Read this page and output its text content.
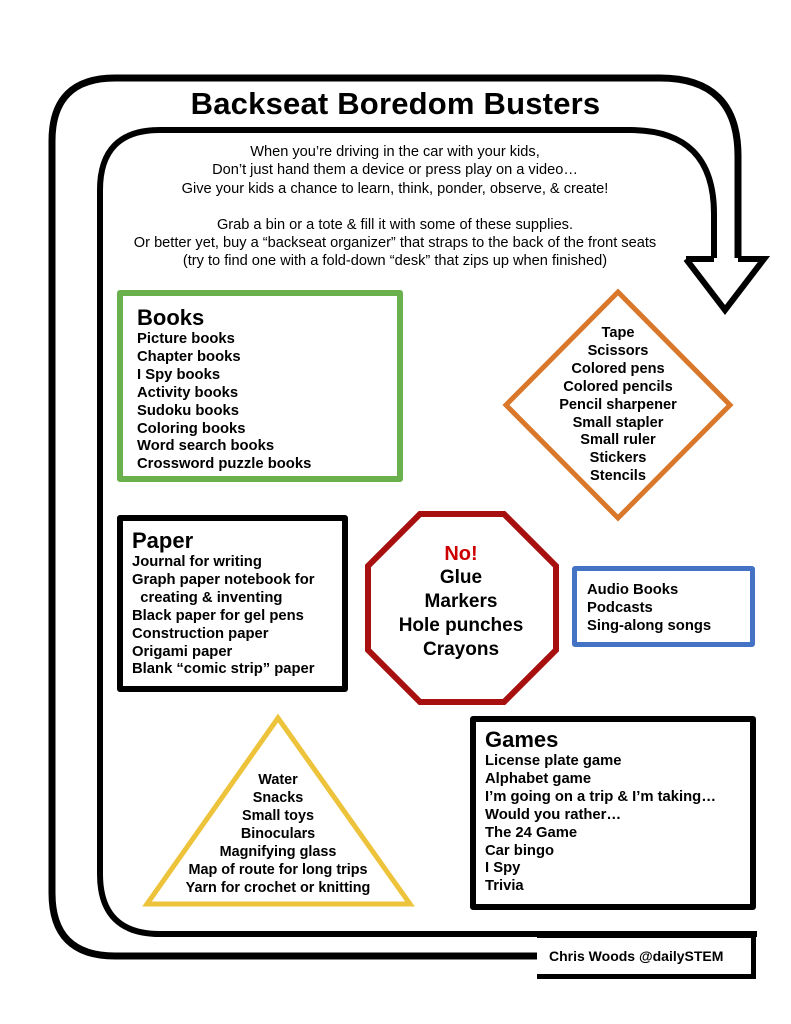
Backseat Boredom Busters

When you’re driving in the car with your kids,

Don’t just hand them a device or press play on a video…

Give your kids a chance to learn, think, ponder, observe, & create!

Grab a bin or a tote & fill it with some of these supplies.

Or better yet, buy a “backseat organizer” that straps to the back of the front seats

(try to find one with a fold-down “desk” that zips up when finished)

Books
Picture books
Chapter books
I Spy books
Activity books
Sudoku books
Coloring books
Word search books
Crossword puzzle books
Tape
Scissors
Colored pens
Colored pencils
Pencil sharpener
Small stapler
Small ruler
Stickers
Stencils
Paper
Journal for writing
Graph paper notebook for
creating & inventing
Black paper for gel pens
Construction paper
Origami paper
Blank “comic strip” paper
No!
Glue
Markers
Hole punches
Crayons
Audio Books
Podcasts
Sing-along songs
Water
Snacks
Small toys
Binoculars
Magnifying glass
Map of route for long trips
Yarn for crochet or knitting
Games
License plate game
Alphabet game
I’m going on a trip & I’m taking…
Would you rather…
The 24 Game
Car bingo
I Spy
Trivia
Chris Woods @dailySTEM
